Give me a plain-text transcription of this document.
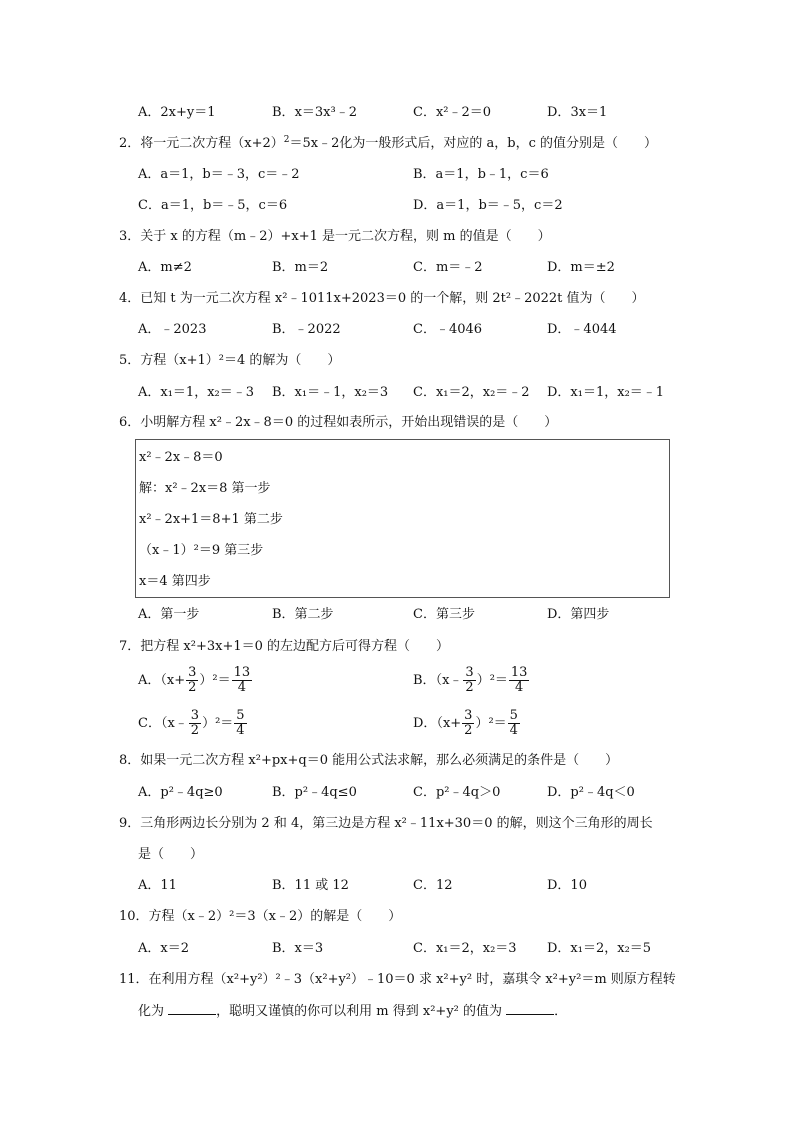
A．2x+y＝1	B．x＝3x³﹣2	C．x²﹣2＝0	D．3x＝1
2．将一元二次方程$(x+2)^2=5x﹣2$化为一般形式后，对应的 a，b，c 的值分别是（　　）
A．a＝1，b＝﹣3，c＝﹣2	B．a＝1，b﹣1，c＝6
C．a＝1，b＝﹣5，c＝6	D．a＝1，b＝﹣5，c＝2
3．关于 x 的方程（m﹣2）+x+1 是一元二次方程，则 m 的值是（　　）
A．m≠2	B．m＝2	C．m＝﹣2	D．m＝±2
4．已知 t 为一元二次方程 x²﹣1011x+2023＝0 的一个解，则 2t²﹣2022t 值为（　　）
A．﹣2023	B．﹣2022	C．﹣4046	D．﹣4044
5．方程（x+1）²＝4 的解为（　　）
A．x₁＝1，x₂＝﹣3 B．x₁＝﹣1，x₂＝3 C．x₁＝2，x₂＝﹣2 D．x₁＝1，x₂＝﹣1
6．小明解方程 x²﹣2x﹣8＝0 的过程如表所示，开始出现错误的是（　　）
x²﹣2x﹣8＝0
解：x²﹣2x＝8 第一步
x²﹣2x+1＝8+1 第二步
（x﹣1）²＝9 第三步
x＝4 第四步
A．第一步	B．第二步	C．第三步	D．第四步
7．把方程 x²+3x+1＝0 的左边配方后可得方程（　　）
A．$(x+ \frac{3}{2} )^2= \frac{13}{4}$	B．（x﹣ $\frac{3}{2} )^2= \frac{13}{4}$
C．（x﹣ $\frac{3}{2} )^2= \frac{5}{4}$	D．$(x+ \frac{3}{2} )^2= \frac{5}{4}$
8．如果一元二次方程 x²+px+q＝0 能用公式法求解，那么必须满足的条件是（　　）
A．p²﹣4q≥0	B．p²﹣4q≤0	C．p²﹣4q＞0	D．p²﹣4q＜0
9．三角形两边长分别为 2 和 4，第三边是方程 x²﹣11x+30＝0 的解，则这个三角形的周长
是（　　）
A．11	B．11 或 12	C．12	D．10
10．方程（x﹣2）²＝3（x﹣2）的解是（　　）
A．x＝2	B．x＝3	C．x₁＝2，x₂＝3 D．x₁＝2，x₂＝5
11．在利用方程（x²+y²）²﹣3（x²+y²）﹣10＝0 求 x²+y² 时，嘉琪令 x²+y²＝m 则原方程转
化为	，聪明又谨慎的你可以利用 m 得到 x²+y² 的值为	．
